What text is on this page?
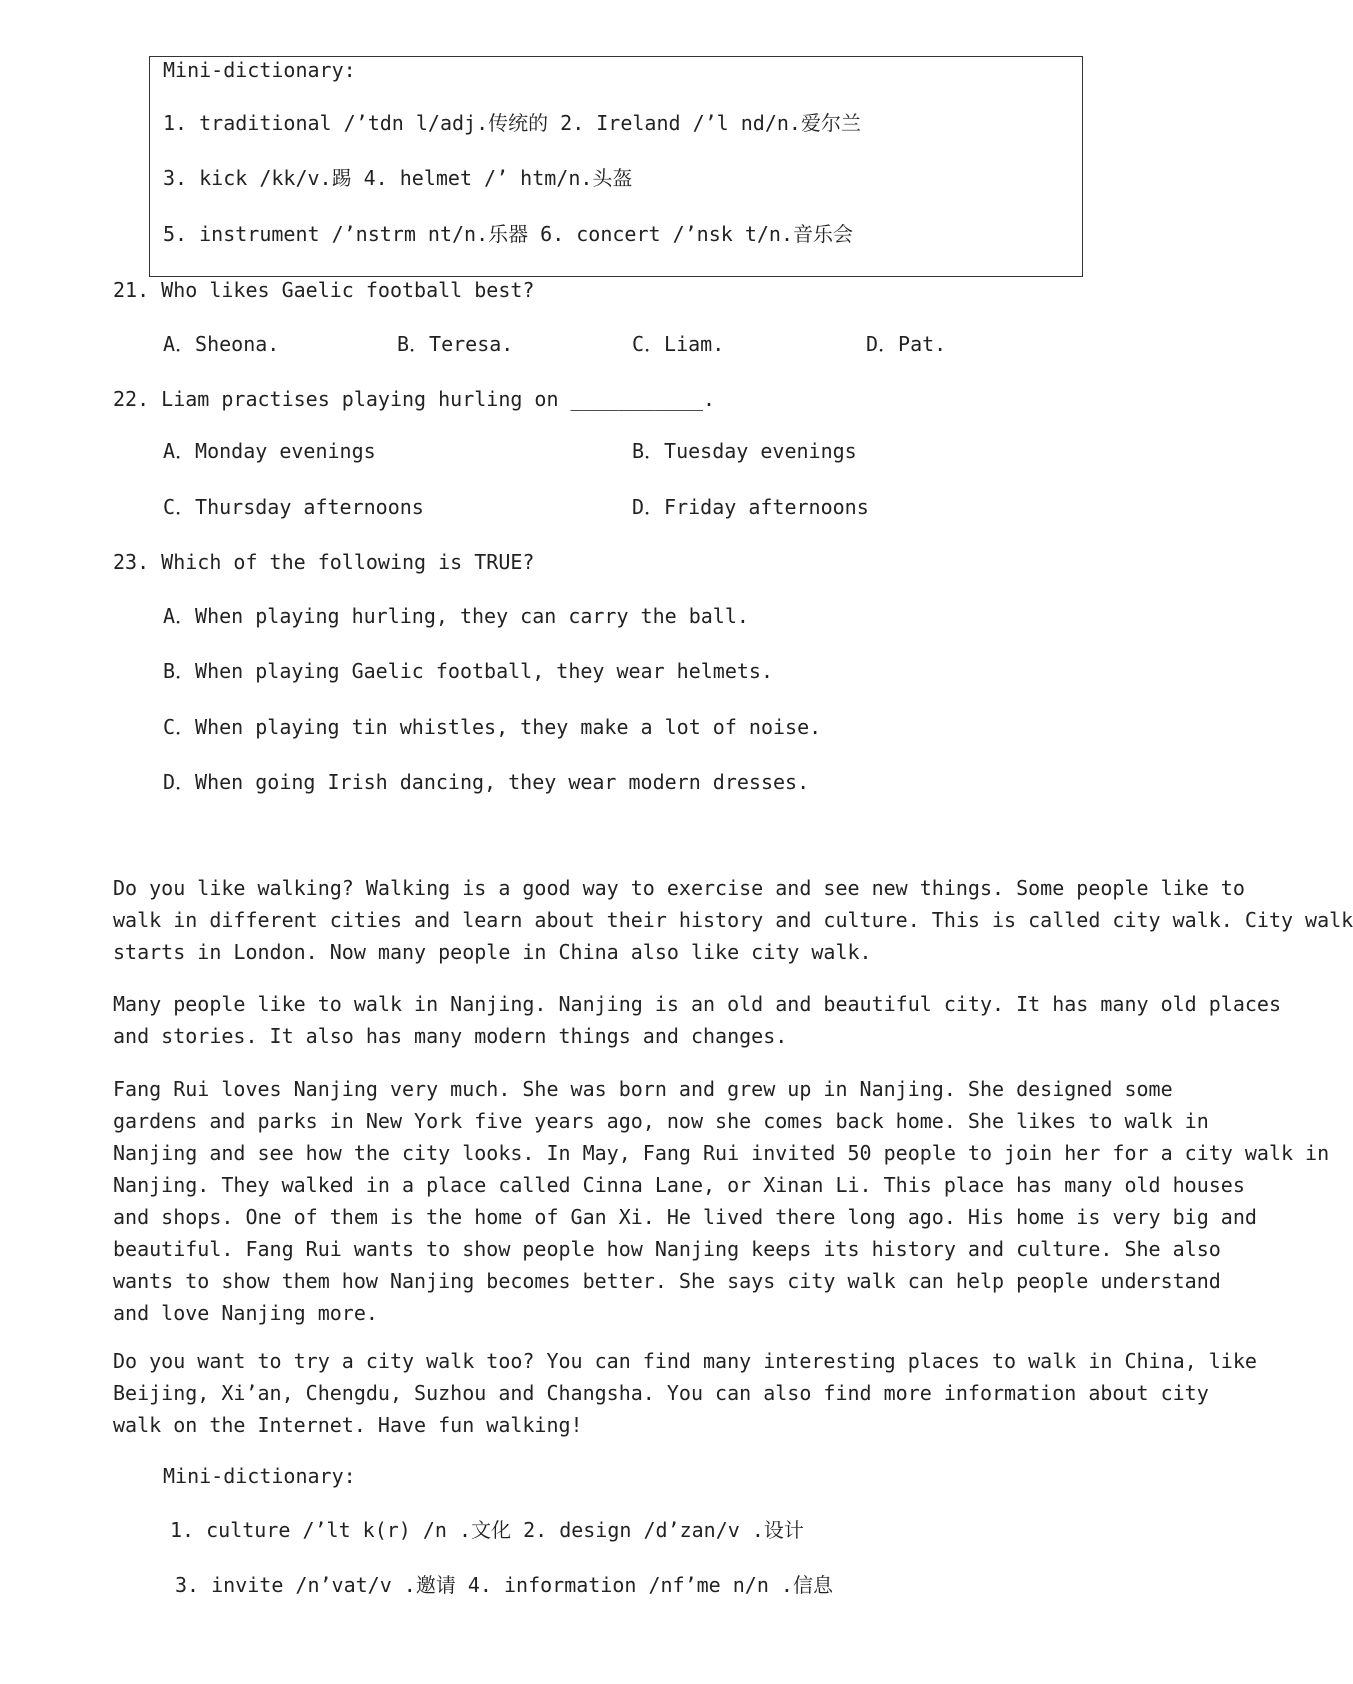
Mini-dictionary:
1. traditional /’tdn l/adj.传统的 2. Ireland /’l nd/n.爱尔兰
3. kick /kk/v.踢 4. helmet /’ htm/n.头盔
5. instrument /’nstrm nt/n.乐器 6. concert /’nsk t/n.音乐会
21. Who likes Gaelic football best?
A．Sheona.	B．Teresa.	C．Liam.	D．Pat.
22. Liam practises playing hurling on ___________.
A．Monday evenings	B．Tuesday evenings
C．Thursday afternoons	D．Friday afternoons
23. Which of the following is TRUE?
A．When playing hurling, they can carry the ball.
B．When playing Gaelic football, they wear helmets.
C．When playing tin whistles, they make a lot of noise.
D．When going Irish dancing, they wear modern dresses.
Do you like walking? Walking is a good way to exercise and see new things. Some people like to
walk in different cities and learn about their history and culture. This is called city walk. City walk
starts in London. Now many people in China also like city walk.
Many people like to walk in Nanjing. Nanjing is an old and beautiful city. It has many old places
and stories. It also has many modern things and changes.
Fang Rui loves Nanjing very much. She was born and grew up in Nanjing. She designed some
gardens and parks in New York five years ago, now she comes back home. She likes to walk in
Nanjing and see how the city looks. In May, Fang Rui invited 50 people to join her for a city walk in
Nanjing. They walked in a place called Cinna Lane, or Xinan Li. This place has many old houses
and shops. One of them is the home of Gan Xi. He lived there long ago. His home is very big and
beautiful. Fang Rui wants to show people how Nanjing keeps its history and culture. She also
wants to show them how Nanjing becomes better. She says city walk can help people understand
and love Nanjing more.
Do you want to try a city walk too? You can find many interesting places to walk in China, like
Beijing, Xi’an, Chengdu, Suzhou and Changsha. You can also find more information about city
walk on the Internet. Have fun walking!
Mini-dictionary:
1. culture /’lt k(r) /n .文化 2. design /d’zan/v .设计
3. invite /n’vat/v .邀请 4. information /nf’me n/n .信息
